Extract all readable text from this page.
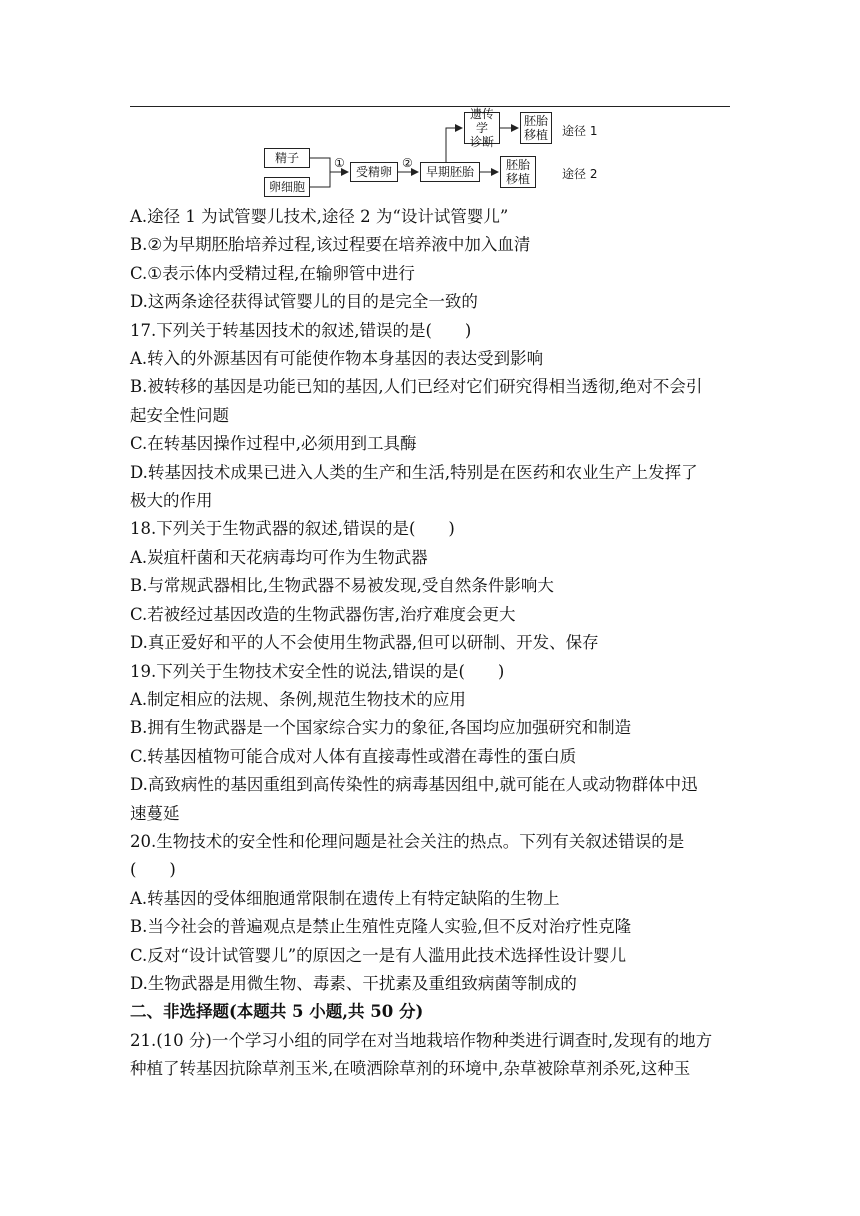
精子
卵细胞
①
受精卵
②
早期胚胎
遗传学
诊断
胚胎
移植
胚胎
移植
途径 1
途径 2
A.途径 1 为试管婴儿技术,途径 2 为“设计试管婴儿”
B.②为早期胚胎培养过程,该过程要在培养液中加入血清
C.①表示体内受精过程,在输卵管中进行
D.这两条途径获得试管婴儿的目的是完全一致的
17.下列关于转基因技术的叙述,错误的是(　　)
A.转入的外源基因有可能使作物本身基因的表达受到影响
B.被转移的基因是功能已知的基因,人们已经对它们研究得相当透彻,绝对不会引
起安全性问题
C.在转基因操作过程中,必须用到工具酶
D.转基因技术成果已进入人类的生产和生活,特别是在医药和农业生产上发挥了
极大的作用
18.下列关于生物武器的叙述,错误的是(　　)
A.炭疽杆菌和天花病毒均可作为生物武器
B.与常规武器相比,生物武器不易被发现,受自然条件影响大
C.若被经过基因改造的生物武器伤害,治疗难度会更大
D.真正爱好和平的人不会使用生物武器,但可以研制、开发、保存
19.下列关于生物技术安全性的说法,错误的是(　　)
A.制定相应的法规、条例,规范生物技术的应用
B.拥有生物武器是一个国家综合实力的象征,各国均应加强研究和制造
C.转基因植物可能合成对人体有直接毒性或潜在毒性的蛋白质
D.高致病性的基因重组到高传染性的病毒基因组中,就可能在人或动物群体中迅
速蔓延
20.生物技术的安全性和伦理问题是社会关注的热点。下列有关叙述错误的是
(　　)
A.转基因的受体细胞通常限制在遗传上有特定缺陷的生物上
B.当今社会的普遍观点是禁止生殖性克隆人实验,但不反对治疗性克隆
C.反对“设计试管婴儿”的原因之一是有人滥用此技术选择性设计婴儿
D.生物武器是用微生物、毒素、干扰素及重组致病菌等制成的
二、非选择题(本题共 5 小题,共 50 分)
21.(10 分)一个学习小组的同学在对当地栽培作物种类进行调查时,发现有的地方
种植了转基因抗除草剂玉米,在喷洒除草剂的环境中,杂草被除草剂杀死,这种玉
